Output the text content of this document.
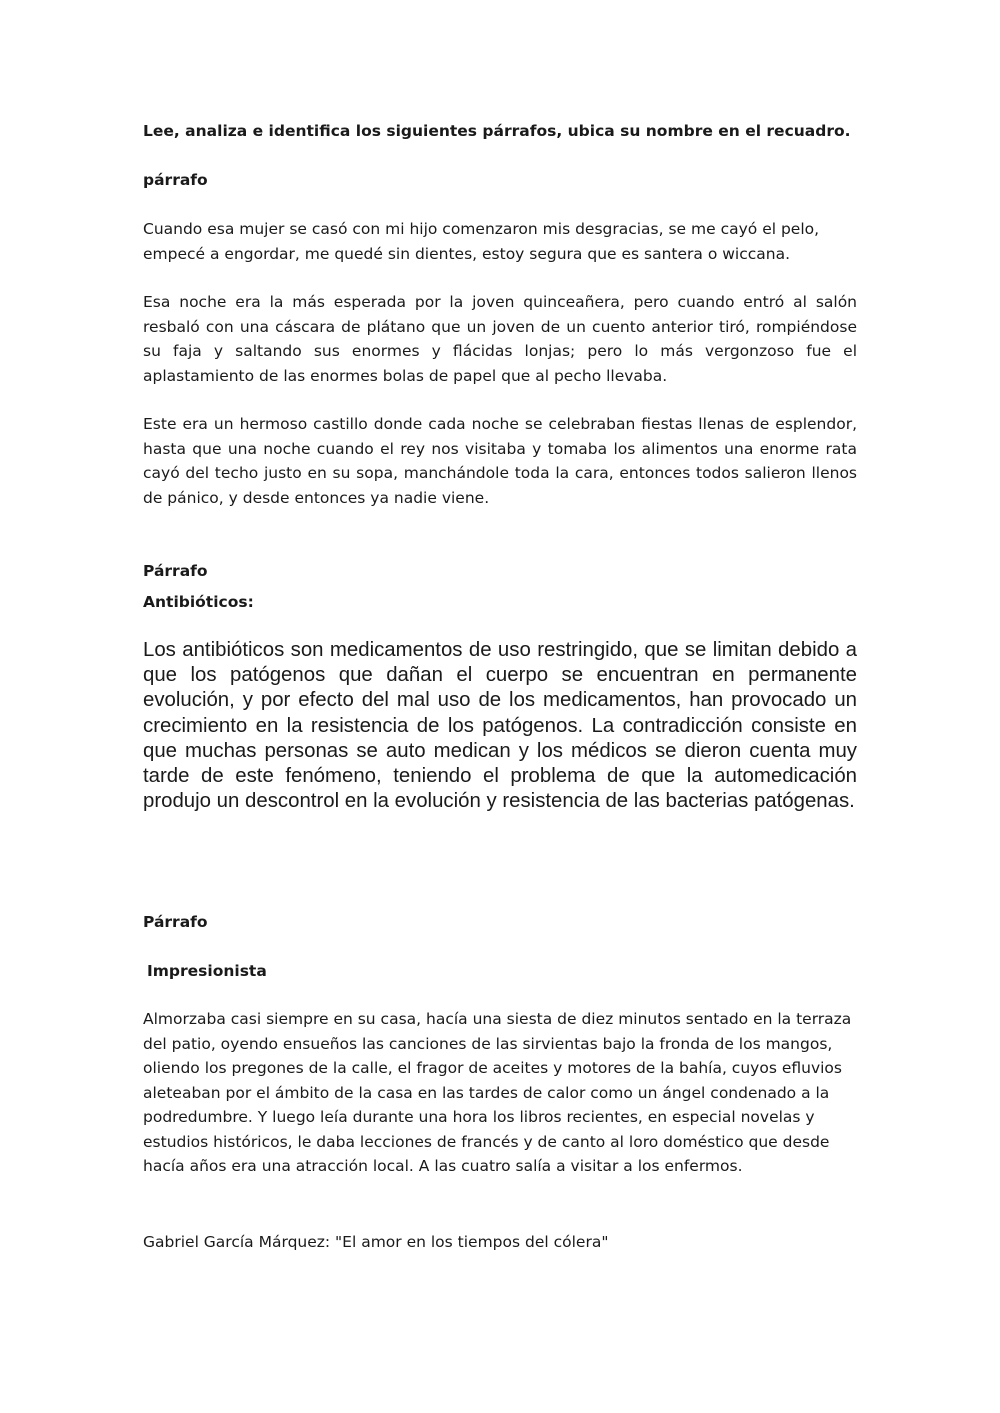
Lee, analiza e identifica los siguientes párrafos, ubica su nombre en el recuadro.

párrafo

Cuando esa mujer se casó con mi hijo comenzaron mis desgracias, se me cayó el pelo, empecé a engordar, me quedé sin dientes, estoy segura que es santera o wiccana.

Esa noche era la más esperada por la joven quinceañera, pero cuando entró al salón resbaló con una cáscara de plátano que un joven de un cuento anterior tiró, rompiéndose su faja y saltando sus enormes y flácidas lonjas; pero lo más vergonzoso fue el aplastamiento de las enormes bolas de papel que al pecho llevaba.

Este era un hermoso castillo donde cada noche se celebraban fiestas llenas de esplendor, hasta que una noche cuando el rey nos visitaba y tomaba los alimentos una enorme rata cayó del techo justo en su sopa, manchándole toda la cara, entonces todos salieron llenos de pánico, y desde entonces ya nadie viene.

Párrafo

Antibióticos:

Los antibióticos son medicamentos de uso restringido, que se limitan debido a que los patógenos que dañan el cuerpo se encuentran en permanente evolución, y por efecto del mal uso de los medicamentos, han provocado un crecimiento en la resistencia de los patógenos. La contradicción consiste en que muchas personas se auto medican y los médicos se dieron cuenta muy tarde de este fenómeno, teniendo el problema de que la automedicación produjo un descontrol en la evolución y resistencia de las bacterias patógenas.

Párrafo

Impresionista

Almorzaba casi siempre en su casa, hacía una siesta de diez minutos sentado en la terraza del patio, oyendo ensueños las canciones de las sirvientas bajo la fronda de los mangos, oliendo los pregones de la calle, el fragor de aceites y motores de la bahía, cuyos efluvios aleteaban por el ámbito de la casa en las tardes de calor como un ángel condenado a la podredumbre. Y luego leía durante una hora los libros recientes, en especial novelas y estudios históricos, le daba lecciones de francés y de canto al loro doméstico que desde hacía años era una atracción local. A las cuatro salía a visitar a los enfermos.

Gabriel García Márquez: "El amor en los tiempos del cólera"
